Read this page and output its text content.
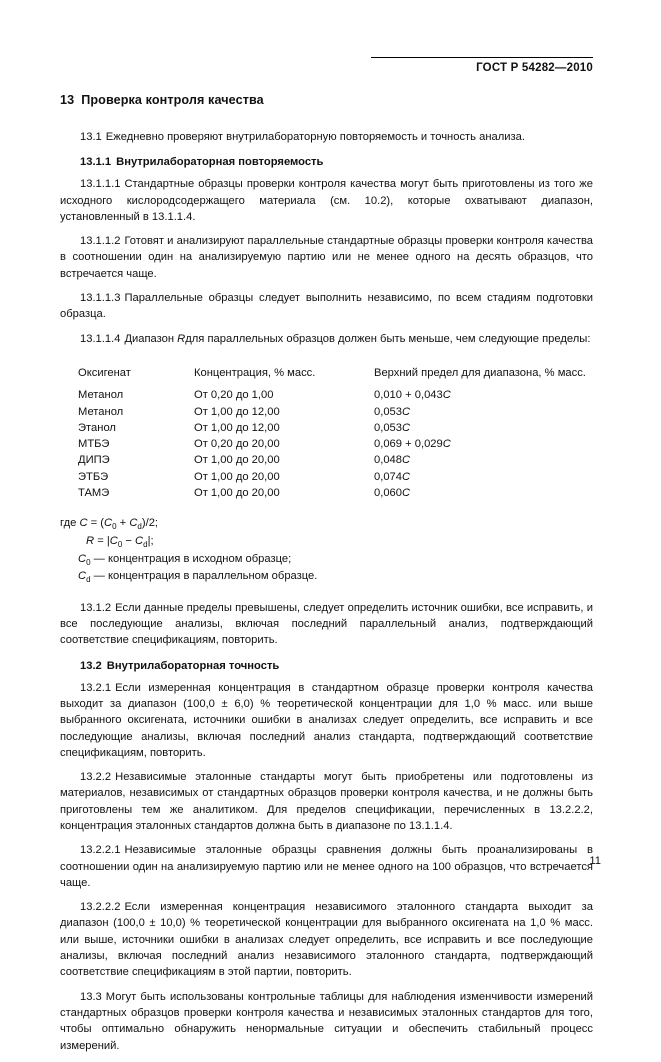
ГОСТ Р 54282—2010
13 Проверка контроля качества

13.1 Ежедневно проверяют внутрилабораторную повторяемость и точность анализа.

13.1.1 Внутрилабораторная повторяемость

13.1.1.1 Стандартные образцы проверки контроля качества могут быть приготовлены из того же исходного кислородсодержащего материала (см. 10.2), которые охватывают диапазон, установленный в 13.1.1.4.

13.1.1.2 Готовят и анализируют параллельные стандартные образцы проверки контроля качества в соотношении один на анализируемую партию или не менее одного на десять образцов, что встречается чаще.

13.1.1.3 Параллельные образцы следует выполнить независимо, по всем стадиям подготовки образца.

13.1.1.4 Диапазон Rдля параллельных образцов должен быть меньше, чем следующие пределы:

Оксигенат	Концентрация, % масс.	Верхний предел для диапазона, % масс.
Метанол	От 0,20 до 1,00	0,010 + 0,043C
Метанол	От 1,00 до 12,00	0,053C
Этанол	От 1,00 до 12,00	0,053C
МТБЭ	От 0,20 до 20,00	0,069 + 0,029C
ДИПЭ	От 1,00 до 20,00	0,048C
ЭТБЭ	От 1,00 до 20,00	0,074C
ТАМЭ	От 1,00 до 20,00	0,060C
где $C = (C_0 + C_d)/2$;
$R = |C_0 - C_d|$;
$C_0$ — концентрация в исходном образце;
$C_d$ — концентрация в параллельном образце.

13.1.2 Если данные пределы превышены, следует определить источник ошибки, все исправить, и все последующие анализы, включая последний параллельный анализ, подтверждающий соответствие спецификациям, повторить.

13.2 Внутрилабораторная точность

13.2.1 Если измеренная концентрация в стандартном образце проверки контроля качества выходит за диапазон (100,0 ± 6,0) % теоретической концентрации для 1,0 % масс. или выше выбранного оксигената, источники ошибки в анализах следует определить, все исправить и все последующие анализы, включая последний анализ стандарта, подтверждающий соответствие спецификациям, повторить.

13.2.2 Независимые эталонные стандарты могут быть приобретены или подготовлены из материалов, независимых от стандартных образцов проверки контроля качества, и не должны быть приготовлены тем же аналитиком. Для пределов спецификации, перечисленных в 13.2.2.2, концентрация эталонных стандартов должна быть в диапазоне по 13.1.1.4.

13.2.2.1 Независимые эталонные образцы сравнения должны быть проанализированы в соотношении один на анализируемую партию или не менее одного на 100 образцов, что встречается чаще.

13.2.2.2 Если измеренная концентрация независимого эталонного стандарта выходит за диапазон (100,0 ± 10,0) % теоретической концентрации для выбранного оксигената на 1,0 % масс. или выше, источники ошибки в анализах следует определить, все исправить и все последующие анализы, включая последний анализ независимого эталонного стандарта, подтверждающий соответствие спецификациям в этой партии, повторить.

13.3 Могут быть использованы контрольные таблицы для наблюдения изменчивости измерений стандартных образцов проверки контроля качества и независимых эталонных стандартов для того, чтобы оптимально обнаружить ненормальные ситуации и обеспечить стабильный процесс измерений.

11
